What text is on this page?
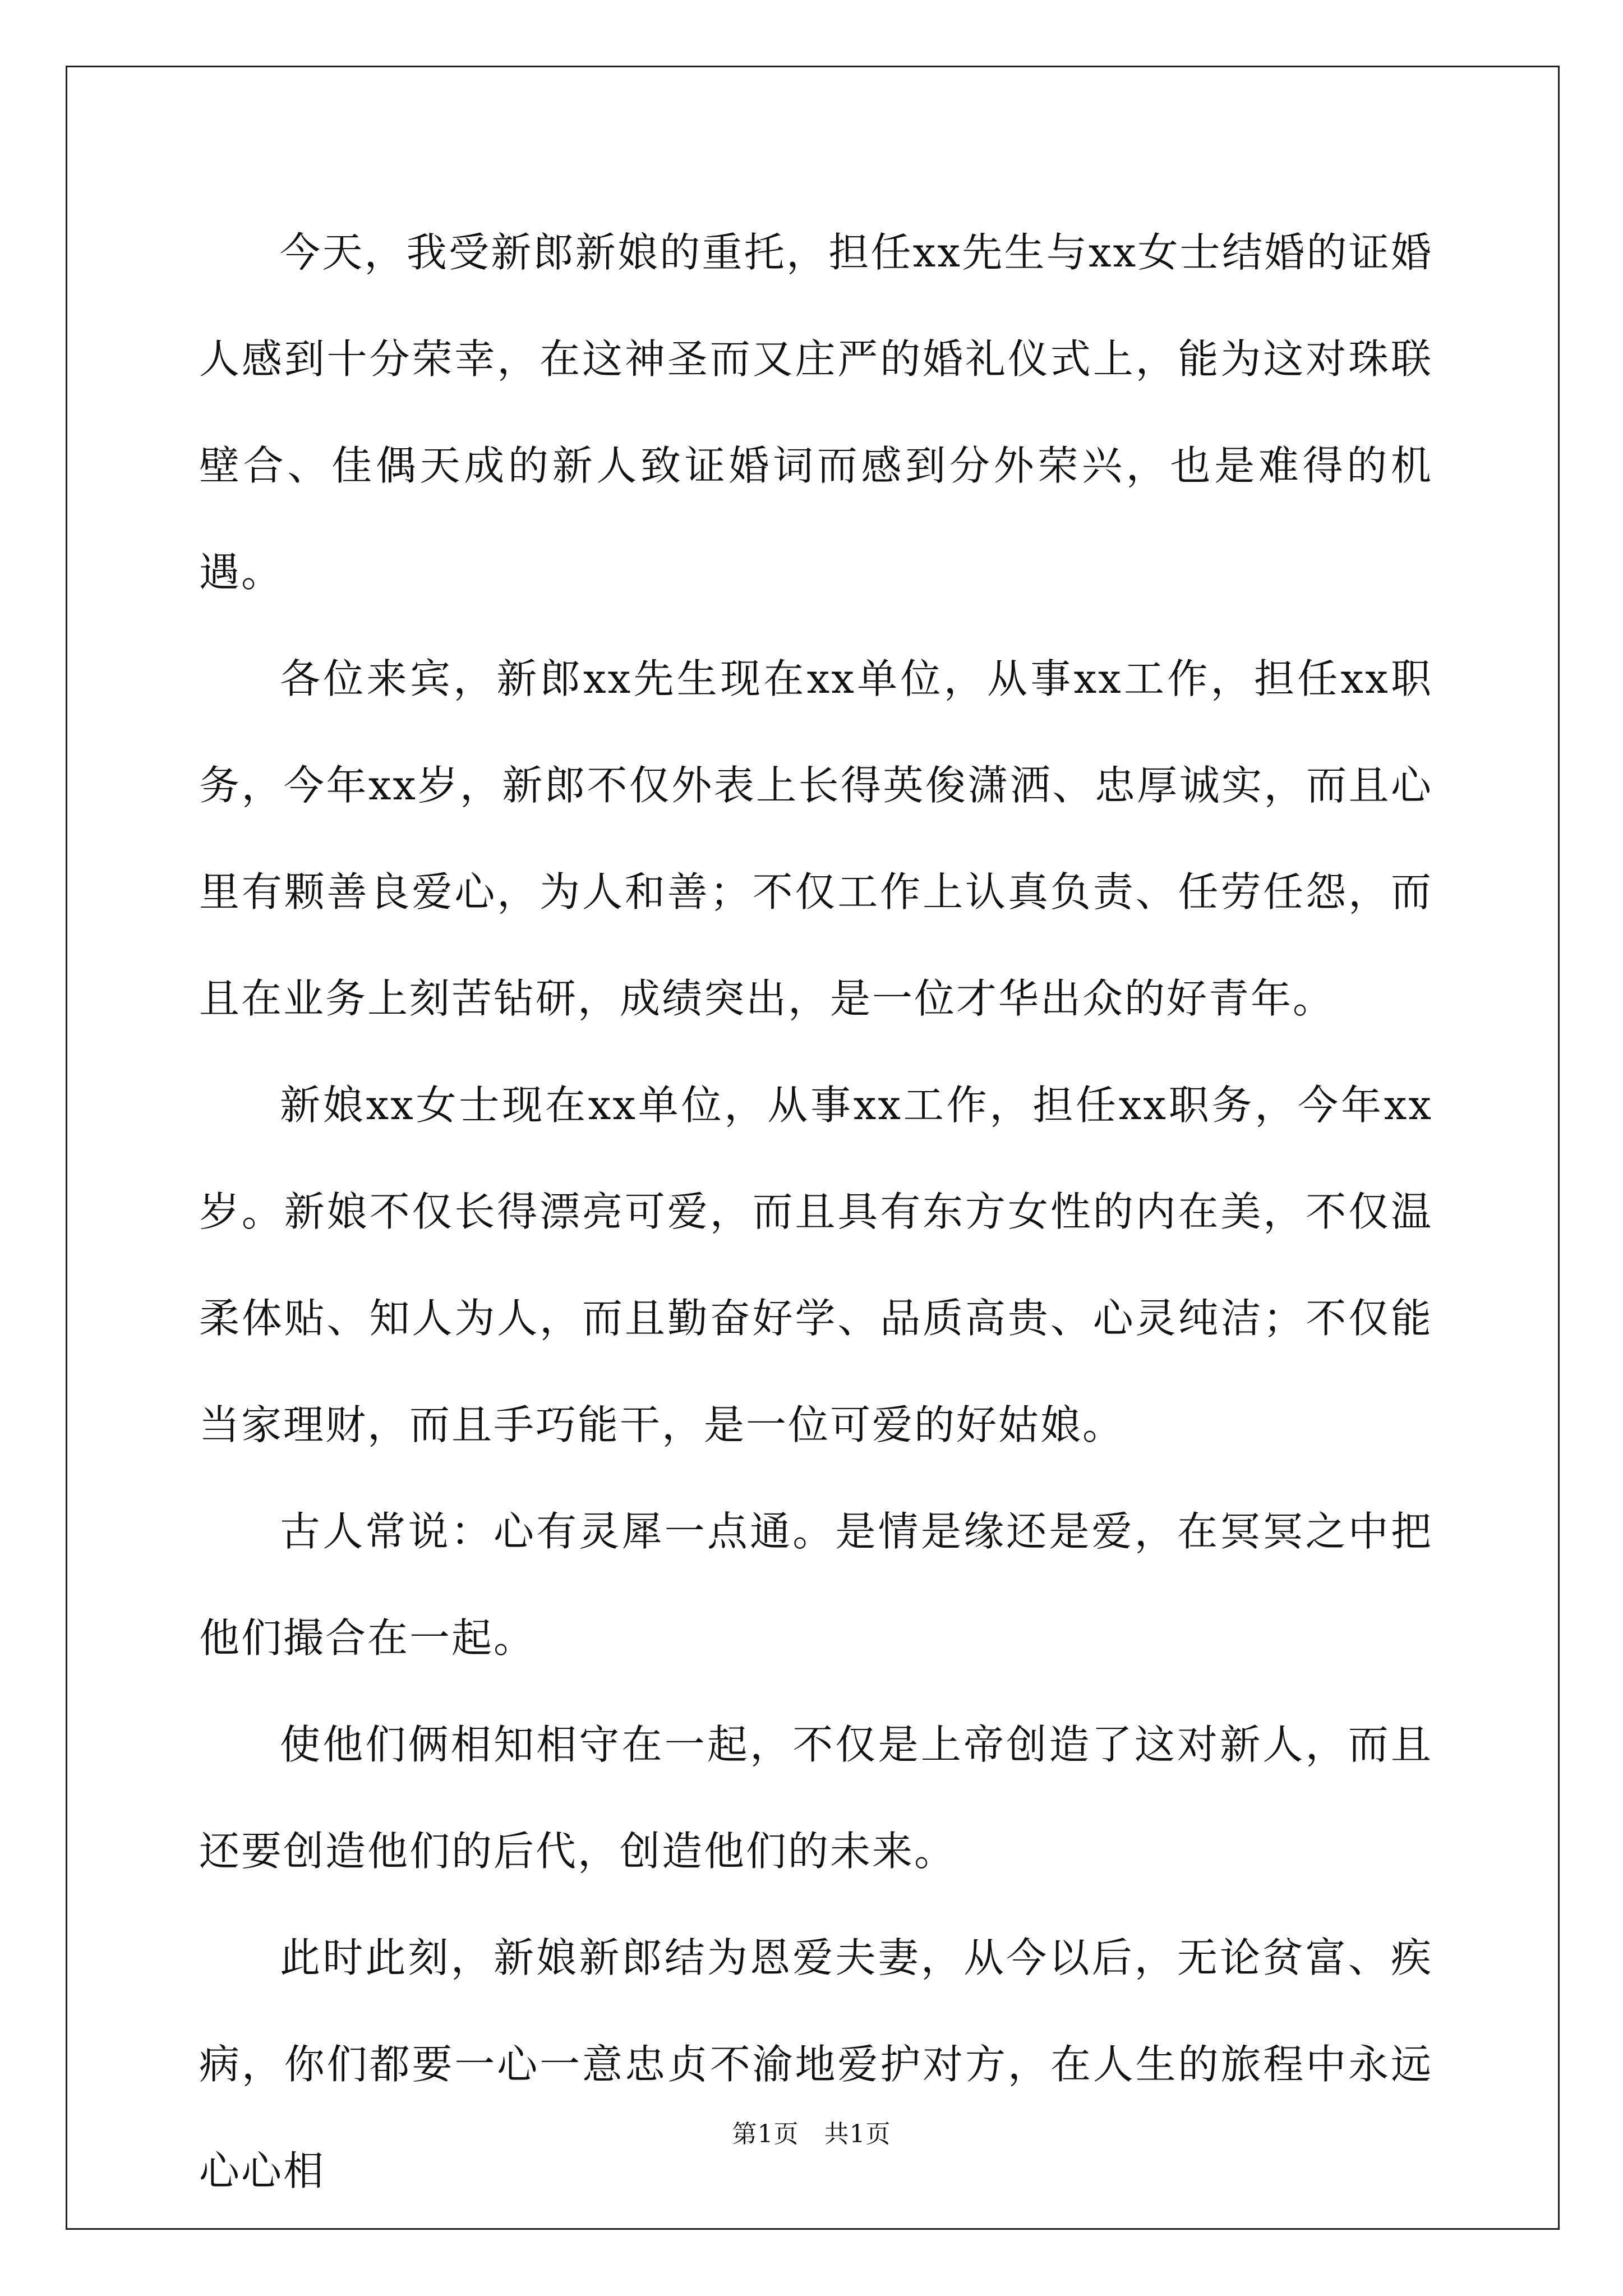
今天，我受新郎新娘的重托，担任xx先生与xx女士结婚的证婚人感到十分荣幸，在这神圣而又庄严的婚礼仪式上，能为这对珠联壁合、佳偶天成的新人致证婚词而感到分外荣兴，也是难得的机遇。

各位来宾，新郎xx先生现在xx单位，从事xx工作，担任xx职务，今年xx岁，新郎不仅外表上长得英俊潇洒、忠厚诚实，而且心里有颗善良爱心，为人和善；不仅工作上认真负责、任劳任怨，而且在业务上刻苦钻研，成绩突出，是一位才华出众的好青年。

新娘xx女士现在xx单位，从事xx工作，担任xx职务，今年xx岁。新娘不仅长得漂亮可爱，而且具有东方女性的内在美，不仅温柔体贴、知人为人，而且勤奋好学、品质高贵、心灵纯洁；不仅能当家理财，而且手巧能干，是一位可爱的好姑娘。

古人常说：心有灵犀一点通。是情是缘还是爱，在冥冥之中把他们撮合在一起。

使他们俩相知相守在一起，不仅是上帝创造了这对新人，而且还要创造他们的后代，创造他们的未来。

此时此刻，新娘新郎结为恩爱夫妻，从今以后，无论贫富、疾病，你们都要一心一意忠贞不渝地爱护对方，在人生的旅程中永远心心相

第1页   共1页
